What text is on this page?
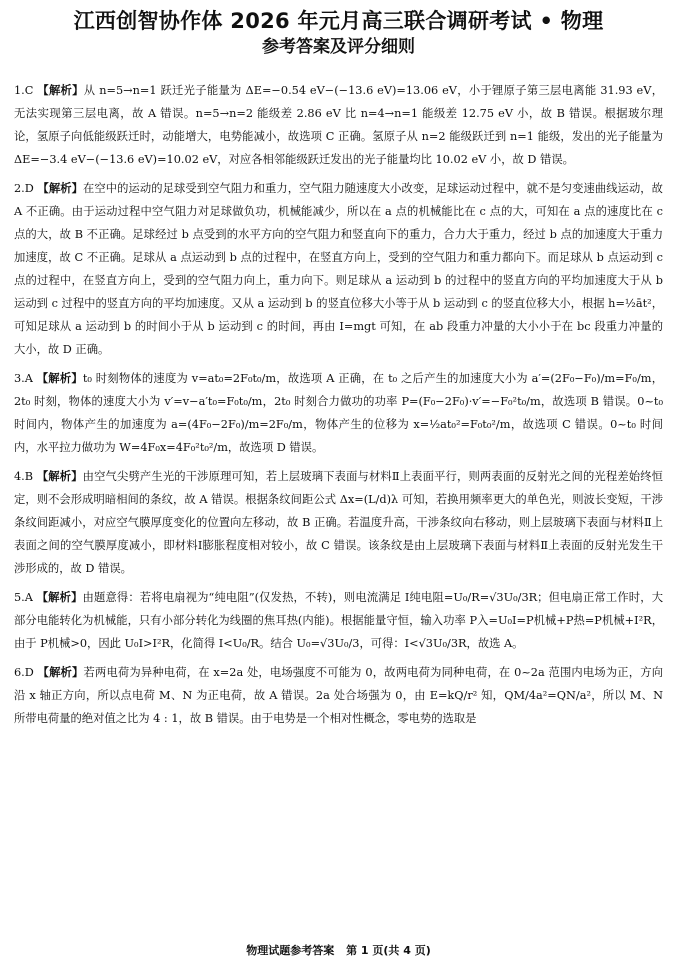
江西创智协作体 2026 年元月高三联合调研考试 • 物理
参考答案及评分细则
1.C 【解析】从 n=5→n=1 跃迁光子能量为 ΔE=−0.54 eV−(−13.6 eV)=13.06 eV，小于锂原子第三层电离能 31.93 eV，无法实现第三层电离，故 A 错误。n=5→n=2 能级差 2.86 eV 比 n=4→n=1 能级差 12.75 eV 小，故 B 错误。根据玻尔理论，氢原子向低能级跃迁时，动能增大，电势能减小，故选项 C 正确。氢原子从 n=2 能级跃迁到 n=1 能级，发出的光子能量为 ΔE=−3.4 eV−(−13.6 eV)=10.02 eV，对应各相邻能级跃迁发出的光子能量均比 10.02 eV 小，故 D 错误。
2.D 【解析】在空中的运动的足球受到空气阻力和重力，空气阻力随速度大小改变，足球运动过程中，就不是匀变速曲线运动，故 A 不正确。由于运动过程中空气阻力对足球做负功，机械能减少，所以在 a 点的机械能比在 c 点的大，可知在 a 点的速度比在 c 点的大，故 B 不正确。足球经过 b 点受到的水平方向的空气阻力和竖直向下的重力，合力大于重力，经过 b 点的加速度大于重力加速度，故 C 不正确。足球从 a 点运动到 b 点的过程中，在竖直方向上，受到的空气阻力和重力都向下。而足球从 b 点运动到 c 点的过程中，在竖直方向上，受到的空气阻力向上，重力向下。则足球从 a 运动到 b 的过程中的竖直方向的平均加速度大于从 b 运动到 c 过程中的竖直方向的平均加速度。又从 a 运动到 b 的竖直位移大小等于从 b 运动到 c 的竖直位移大小，根据 h=½āt²，可知足球从 a 运动到 b 的时间小于从 b 运动到 c 的时间，再由 I=mgt 可知，在 ab 段重力冲量的大小小于在 bc 段重力冲量的大小，故 D 正确。
3.A 【解析】t₀ 时刻物体的速度为 v=at₀=2F₀t₀/m，故选项 A 正确，在 t₀ 之后产生的加速度大小为 a′=(2F₀−F₀)/m=F₀/m，2t₀ 时刻，物体的速度大小为 v′=v−a′t₀=F₀t₀/m，2t₀ 时刻合力做功的功率 P=(F₀−2F₀)·v′=−F₀²t₀/m，故选项 B 错误。0~t₀ 时间内，物体产生的加速度为 a=(4F₀−2F₀)/m=2F₀/m，物体产生的位移为 x=½at₀²=F₀t₀²/m，故选项 C 错误。0~t₀ 时间内，水平拉力做功为 W=4F₀x=4F₀²t₀²/m，故选项 D 错误。
4.B 【解析】由空气尖劈产生光的干涉原理可知，若上层玻璃下表面与材料Ⅱ上表面平行，则两表面的反射光之间的光程差始终恒定，则不会形成明暗相间的条纹，故 A 错误。根据条纹间距公式 Δx=(L/d)λ 可知，若换用频率更大的单色光，则波长变短，干涉条纹间距减小，对应空气膜厚度变化的位置向左移动，故 B 正确。若温度升高，干涉条纹向右移动，则上层玻璃下表面与材料Ⅱ上表面之间的空气膜厚度减小，即材料Ⅰ膨胀程度相对较小，故 C 错误。该条纹是由上层玻璃下表面与材料Ⅱ上表面的反射光发生干涉形成的，故 D 错误。
5.A 【解析】由题意得：若将电扇视为“纯电阻”(仅发热，不转)，则电流满足 I纯电阻=U₀/R=√3U₀/3R；但电扇正常工作时，大部分电能转化为机械能，只有小部分转化为线圈的焦耳热(内能)。根据能量守恒，输入功率 P入=U₀I=P机械+P热=P机械+I²R，由于 P机械>0，因此 U₀I>I²R，化简得 I<U₀/R。结合 U₀=√3U₀/3，可得：I<√3U₀/3R，故选 A。
6.D 【解析】若两电荷为异种电荷，在 x=2a 处，电场强度不可能为 0，故两电荷为同种电荷，在 0~2a 范围内电场为正，方向沿 x 轴正方向，所以点电荷 M、N 为正电荷，故 A 错误。2a 处合场强为 0，由 E=kQ/r² 知，QM/4a²=QN/a²，所以 M、N 所带电荷量的绝对值之比为 4 : 1，故 B 错误。由于电势是一个相对性概念，零电势的选取是
物理试题参考答案 第 1 页(共 4 页)
